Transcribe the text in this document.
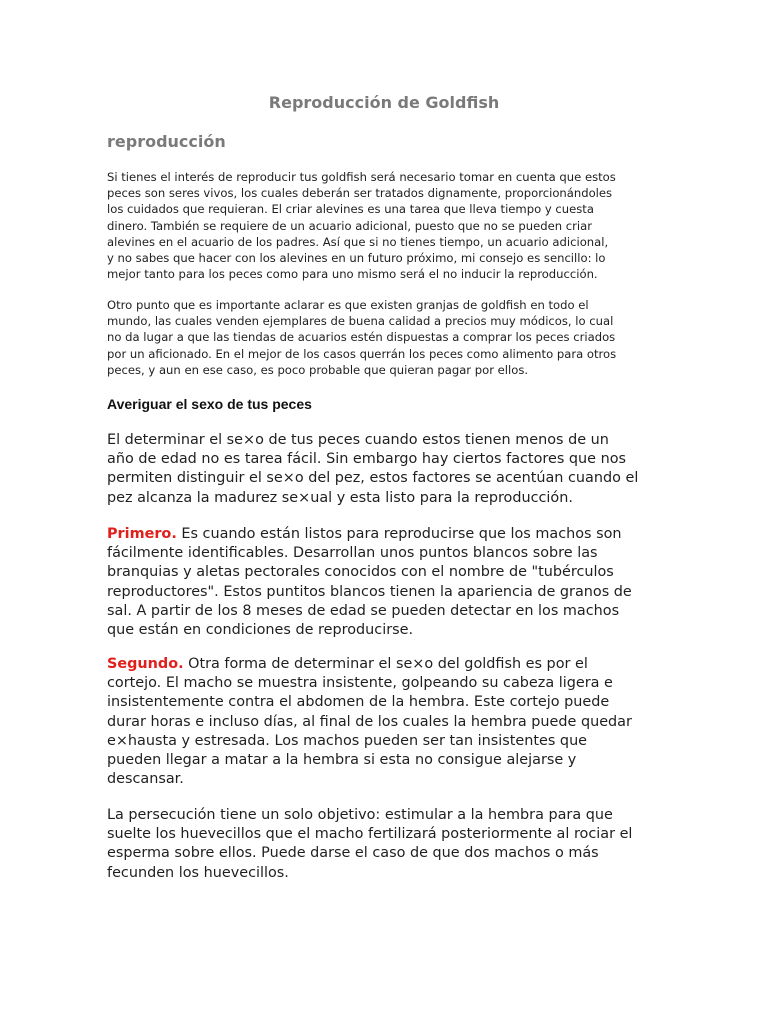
Reproducción de Goldfish
reproducción

Si tienes el interés de reproducir tus goldfish será necesario tomar en cuenta que estos
peces son seres vivos, los cuales deberán ser tratados dignamente, proporcionándoles
los cuidados que requieran. El criar alevines es una tarea que lleva tiempo y cuesta
dinero. También se requiere de un acuario adicional, puesto que no se pueden criar
alevines en el acuario de los padres. Así que si no tienes tiempo, un acuario adicional,
y no sabes que hacer con los alevines en un futuro próximo, mi consejo es sencillo: lo
mejor tanto para los peces como para uno mismo será el no inducir la reproducción.

Otro punto que es importante aclarar es que existen granjas de goldfish en todo el
mundo, las cuales venden ejemplares de buena calidad a precios muy módicos, lo cual
no da lugar a que las tiendas de acuarios estén dispuestas a comprar los peces criados
por un aficionado. En el mejor de los casos querrán los peces como alimento para otros
peces, y aun en ese caso, es poco probable que quieran pagar por ellos.

Averiguar el sexo de tus peces

El determinar el se×o de tus peces cuando estos tienen menos de un
año de edad no es tarea fácil. Sin embargo hay ciertos factores que nos
permiten distinguir el se×o del pez, estos factores se acentúan cuando el
pez alcanza la madurez se×ual y esta listo para la reproducción.

Primero. Es cuando están listos para reproducirse que los machos son
fácilmente identificables. Desarrollan unos puntos blancos sobre las
branquias y aletas pectorales conocidos con el nombre de "tubérculos
reproductores". Estos puntitos blancos tienen la apariencia de granos de
sal. A partir de los 8 meses de edad se pueden detectar en los machos
que están en condiciones de reproducirse.

Segundo. Otra forma de determinar el se×o del goldfish es por el
cortejo. El macho se muestra insistente, golpeando su cabeza ligera e
insistentemente contra el abdomen de la hembra. Este cortejo puede
durar horas e incluso días, al final de los cuales la hembra puede quedar
e×hausta y estresada. Los machos pueden ser tan insistentes que
pueden llegar a matar a la hembra si esta no consigue alejarse y
descansar.

La persecución tiene un solo objetivo: estimular a la hembra para que
suelte los huevecillos que el macho fertilizará posteriormente al rociar el
esperma sobre ellos. Puede darse el caso de que dos machos o más
fecunden los huevecillos.
